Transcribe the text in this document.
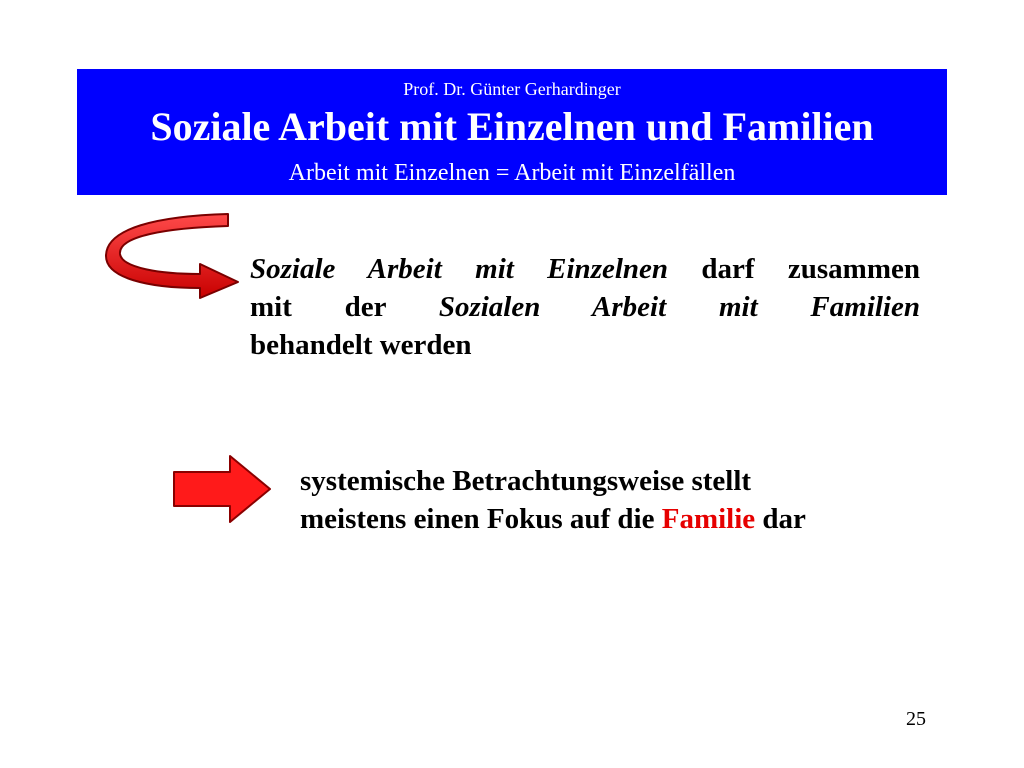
Prof. Dr. Günter Gerhardinger
Soziale Arbeit mit Einzelnen und Familien
Arbeit mit Einzelnen = Arbeit mit Einzelfällen
Soziale Arbeit mit Einzelnen darf zusammen
mit der Sozialen Arbeit mit Familien
behandelt werden
systemische Betrachtungsweise stellt
meistens einen Fokus auf die Familie dar
25
